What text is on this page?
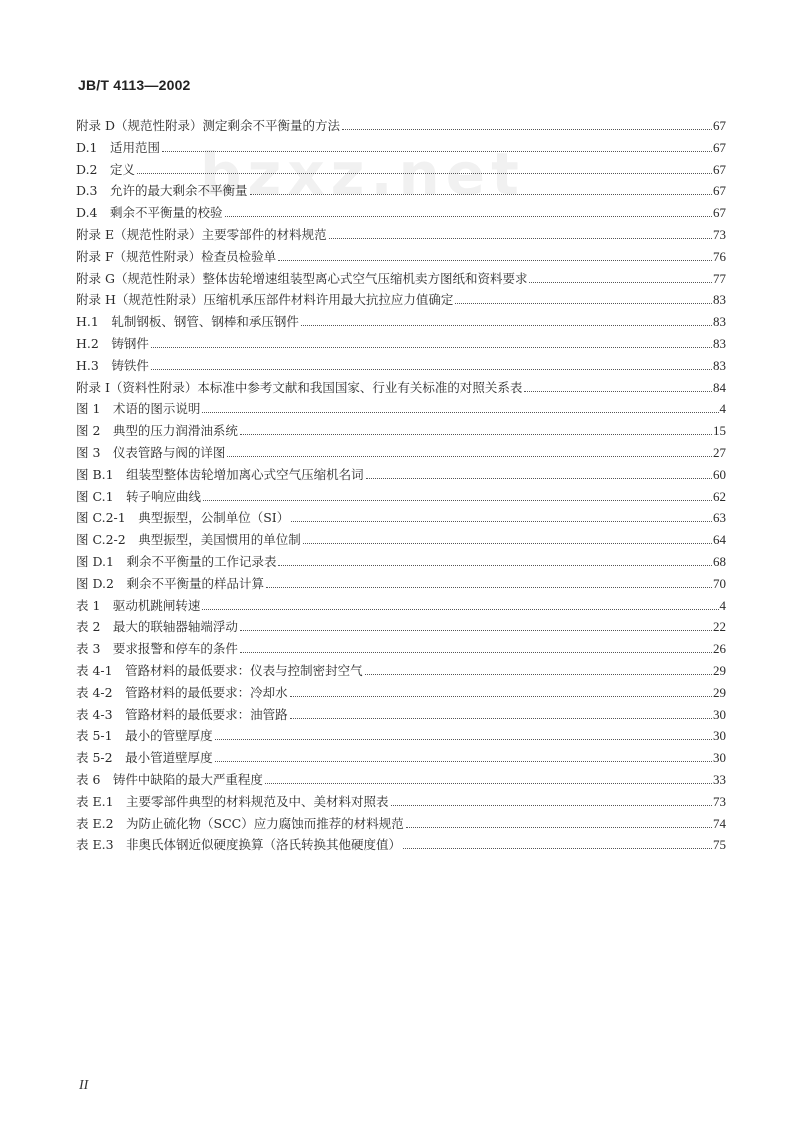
JB/T 4113—2002
bzxz.net
附录 D（规范性附录）测定剩余不平衡量的方法	67
D.1　适用范围	67
D.2　定义	67
D.3　允许的最大剩余不平衡量	67
D.4　剩余不平衡量的校验	67
附录 E（规范性附录）主要零部件的材料规范	73
附录 F（规范性附录）检查员检验单	76
附录 G（规范性附录）整体齿轮增速组装型离心式空气压缩机卖方图纸和资料要求	77
附录 H（规范性附录）压缩机承压部件材料许用最大抗拉应力值确定	83
H.1　轧制钢板、钢管、钢棒和承压钢件	83
H.2　铸钢件	83
H.3　铸铁件	83
附录 I（资料性附录）本标准中参考文献和我国国家、行业有关标准的对照关系表	84
图 1　术语的图示说明	4
图 2　典型的压力润滑油系统	15
图 3　仪表管路与阀的详图	27
图 B.1　组装型整体齿轮增加离心式空气压缩机名词	60
图 C.1　转子响应曲线	62
图 C.2-1　典型振型，公制单位（SI）	63
图 C.2-2　典型振型，美国惯用的单位制	64
图 D.1　剩余不平衡量的工作记录表	68
图 D.2　剩余不平衡量的样品计算	70
表 1　驱动机跳闸转速	4
表 2　最大的联轴器轴端浮动	22
表 3　要求报警和停车的条件	26
表 4-1　管路材料的最低要求：仪表与控制密封空气	29
表 4-2　管路材料的最低要求：冷却水	29
表 4-3　管路材料的最低要求：油管路	30
表 5-1　最小的管壁厚度	30
表 5-2　最小管道壁厚度	30
表 6　铸件中缺陷的最大严重程度	33
表 E.1　主要零部件典型的材料规范及中、美材料对照表	73
表 E.2　为防止硫化物（SCC）应力腐蚀而推荐的材料规范	74
表 E.3　非奥氏体钢近似硬度换算（洛氏转换其他硬度值）	75
II
